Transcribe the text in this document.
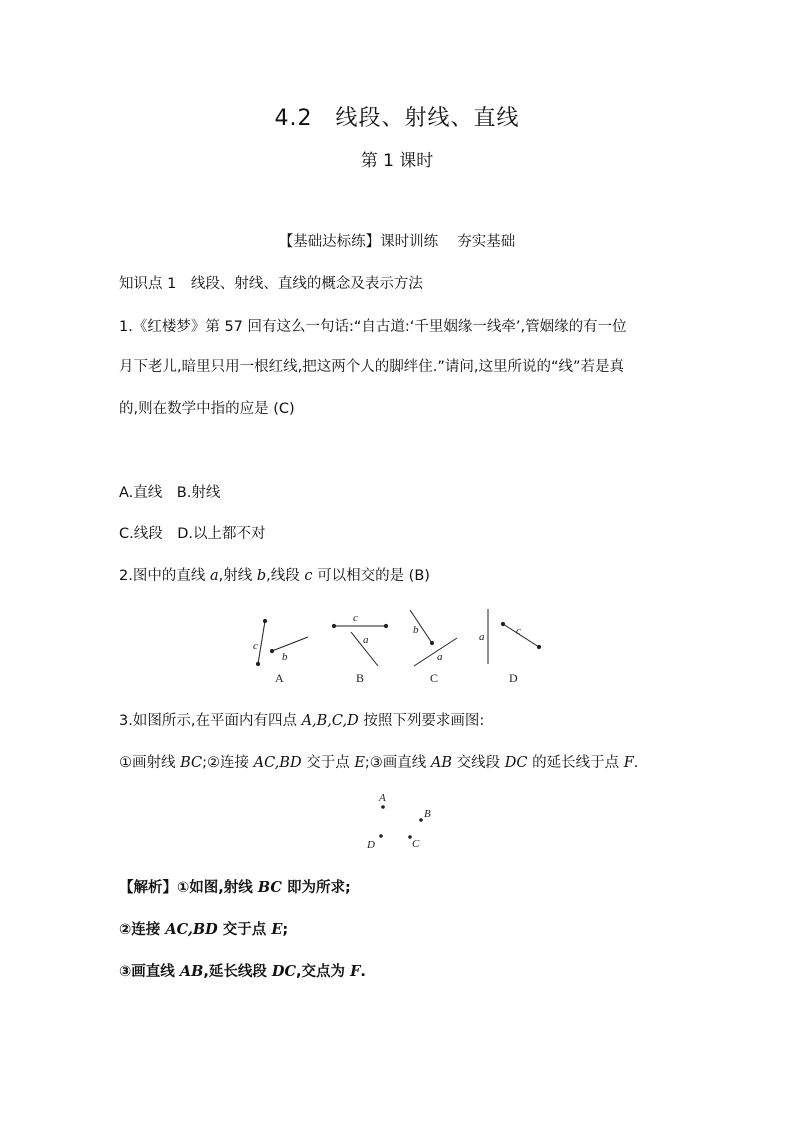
4.2　线段、射线、直线
第 1 课时
【基础达标练】课时训练　 夯实基础
知识点 1　线段、射线、直线的概念及表示方法
1.《红楼梦》第 57 回有这么一句话:“自古道:‘千里姻缘一线牵’,管姻缘的有一位
月下老儿,暗里只用一根红线,把这两个人的脚绊住.”请问,这里所说的“线”若是真
的,则在数学中指的应是 (C)
A.直线　B.射线
C.线段　D.以上都不对
2.图中的直线 a,射线 b,线段 c 可以相交的是 (B)
c
b
A
c
a
B
b
a
C
a	c
D
A
B
D	C
3.如图所示,在平面内有四点 A,B,C,D 按照下列要求画图:
①画射线 BC;②连接 AC,BD 交于点 E;③画直线 AB 交线段 DC 的延长线于点 F.
【解析】①如图,射线 BC 即为所求;
②连接 AC,BD 交于点 E;
③画直线 AB,延长线段 DC,交点为 F.
